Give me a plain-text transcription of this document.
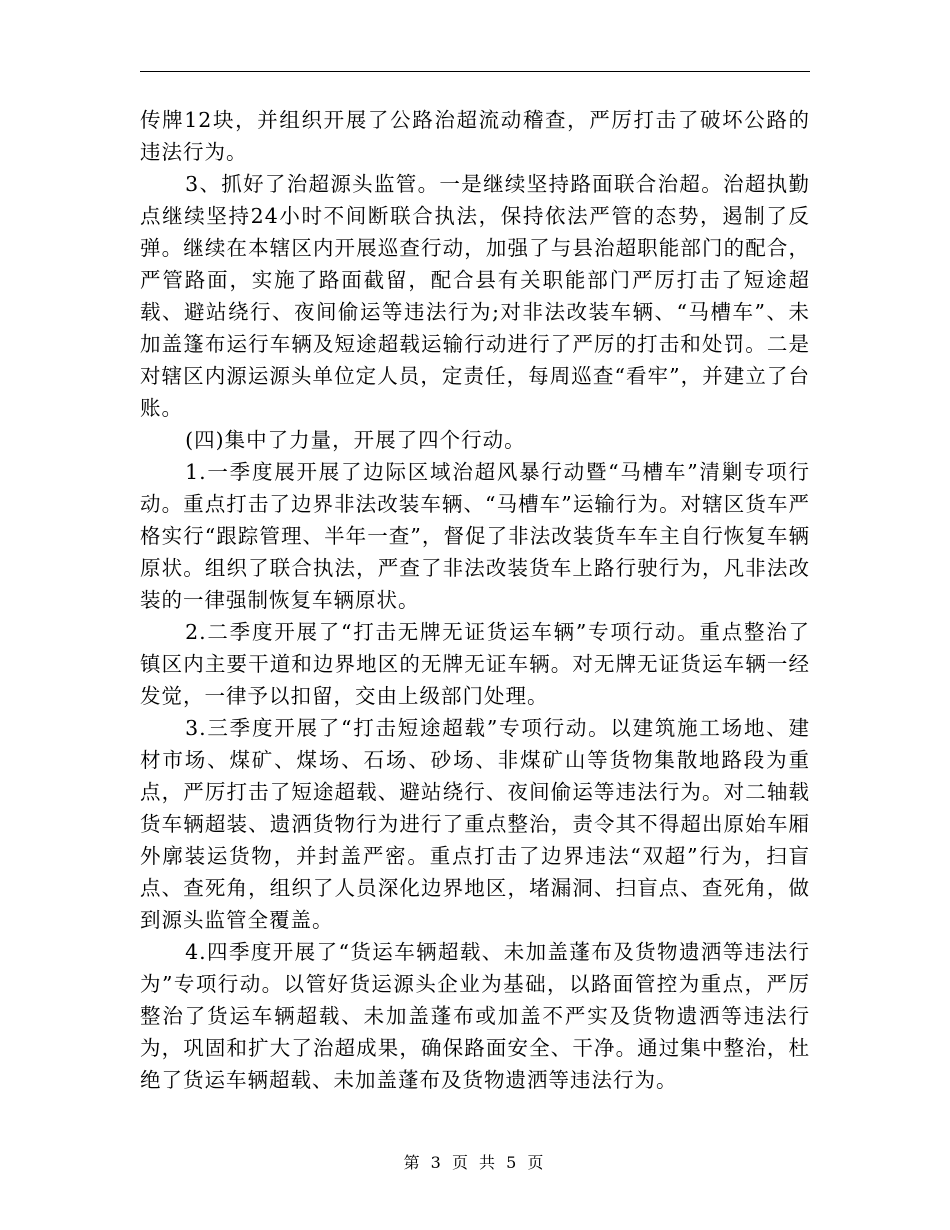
传牌12块，并组织开展了公路治超流动稽查，严厉打击了破坏公路的违法行为。

3、抓好了治超源头监管。一是继续坚持路面联合治超。治超执勤点继续坚持24小时不间断联合执法，保持依法严管的态势，遏制了反弹。继续在本辖区内开展巡查行动，加强了与县治超职能部门的配合，严管路面，实施了路面截留，配合县有关职能部门严厉打击了短途超载、避站绕行、夜间偷运等违法行为;对非法改装车辆、“马槽车”、未加盖篷布运行车辆及短途超载运输行动进行了严厉的打击和处罚。二是对辖区内源运源头单位定人员，定责任，每周巡查“看牢”，并建立了台账。

(四)集中了力量，开展了四个行动。

1.一季度展开展了边际区域治超风暴行动暨“马槽车”清剿专项行动。重点打击了边界非法改装车辆、“马槽车”运输行为。对辖区货车严格实行“跟踪管理、半年一查”，督促了非法改装货车车主自行恢复车辆原状。组织了联合执法，严查了非法改装货车上路行驶行为，凡非法改装的一律强制恢复车辆原状。

2.二季度开展了“打击无牌无证货运车辆”专项行动。重点整治了镇区内主要干道和边界地区的无牌无证车辆。对无牌无证货运车辆一经发觉，一律予以扣留，交由上级部门处理。

3.三季度开展了“打击短途超载”专项行动。以建筑施工场地、建材市场、煤矿、煤场、石场、砂场、非煤矿山等货物集散地路段为重点，严厉打击了短途超载、避站绕行、夜间偷运等违法行为。对二轴载货车辆超装、遗洒货物行为进行了重点整治，责令其不得超出原始车厢外廓装运货物，并封盖严密。重点打击了边界违法“双超”行为，扫盲点、查死角，组织了人员深化边界地区，堵漏洞、扫盲点、查死角，做到源头监管全覆盖。

4.四季度开展了“货运车辆超载、未加盖蓬布及货物遗洒等违法行为”专项行动。以管好货运源头企业为基础，以路面管控为重点，严厉整治了货运车辆超载、未加盖蓬布或加盖不严实及货物遗洒等违法行为，巩固和扩大了治超成果，确保路面安全、干净。通过集中整治，杜绝了货运车辆超载、未加盖蓬布及货物遗洒等违法行为。

第 3 页 共 5 页
